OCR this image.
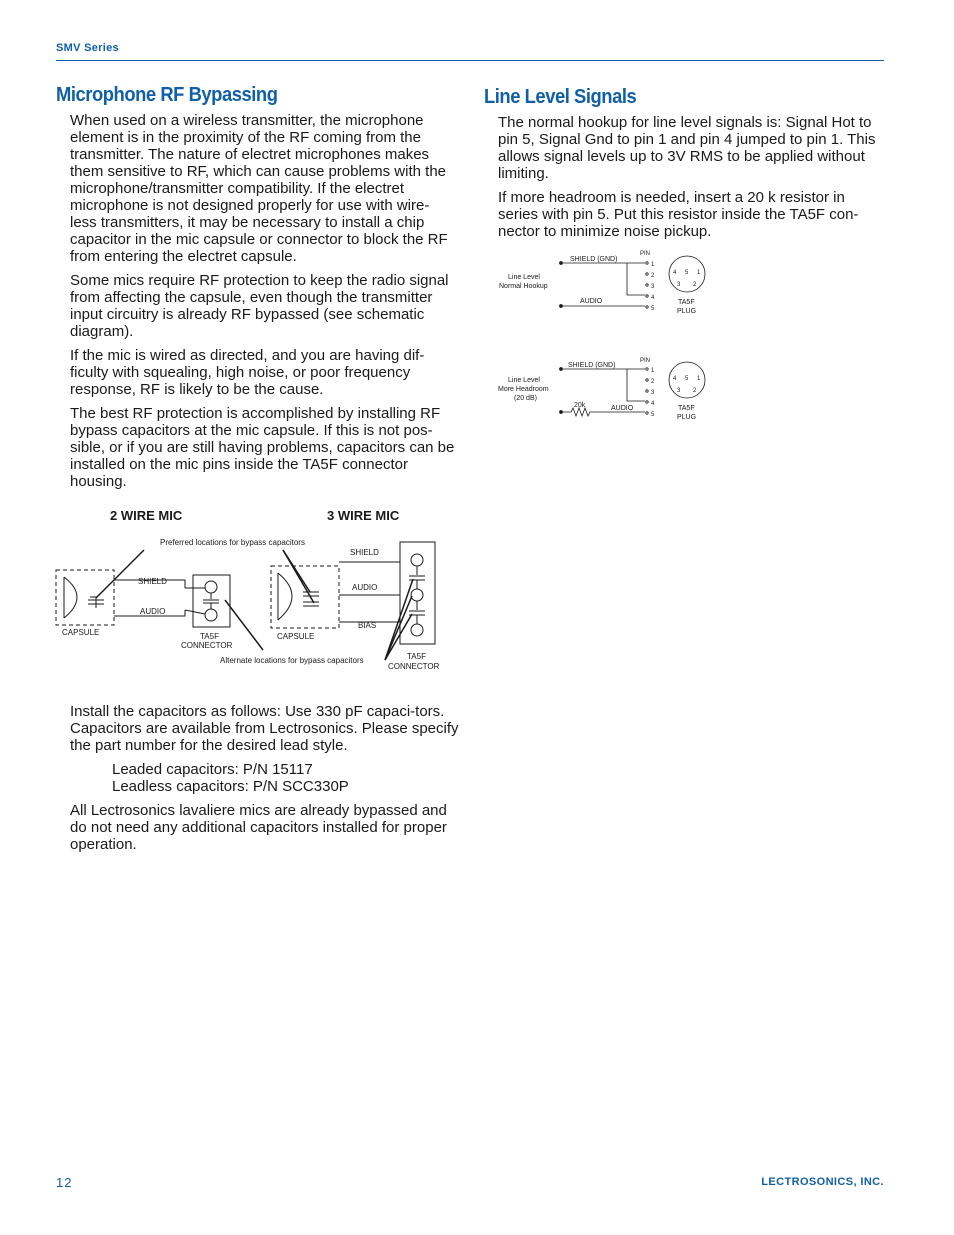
SMV Series
Microphone RF Bypassing

When used on a wireless transmitter, the microphone element is in the proximity of the RF coming from the transmitter. The nature of electret microphones makes them sensitive to RF, which can cause problems with the microphone/transmitter compatibility. If the electret microphone is not designed properly for use with wire-less transmitters, it may be necessary to install a chip capacitor in the mic capsule or connector to block the RF from entering the electret capsule.

Some mics require RF protection to keep the radio signal from affecting the capsule, even though the transmitter input circuitry is already RF bypassed (see schematic diagram).

If the mic is wired as directed, and you are having dif-ficulty with squealing, high noise, or poor frequency response, RF is likely to be the cause.

The best RF protection is accomplished by installing RF bypass capacitors at the mic capsule. If this is not pos-sible, or if you are still having problems, capacitors can be installed on the mic pins inside the TA5F connector housing.

2 WIRE MIC	3 WIRE MIC
Preferred locations for bypass capacitors
SHIELD
AUDIO
CAPSULE	TA5F
CONNECTOR
SHIELD
AUDIO
BIAS
CAPSULE
TA5F
CONNECTOR
Alternate locations for bypass capacitors

Install the capacitors as follows: Use 330 pF capaci-tors. Capacitors are available from Lectrosonics. Please specify the part number for the desired lead style.

Leaded capacitors: P/N 15117
Leadless capacitors: P/N SCC330P

All Lectrosonics lavaliere mics are already bypassed and do not need any additional capacitors installed for proper operation.

Line Level Signals

The normal hookup for line level signals is: Signal Hot to pin 5, Signal Gnd to pin 1 and pin 4 jumped to pin 1. This allows signal levels up to 3V RMS to be applied without limiting.

If more headroom is needed, insert a 20 k resistor in series with pin 5. Put this resistor inside the TA5F con-nector to minimize noise pickup.

Line Level
Normal Hookup
SHIELD (GND)
AUDIO
PIN
1
2
3
4
5
4 5 1
3 2
TA5F
PLUG
Line Level
More Headroom
(20 dB)
SHIELD (GND)
AUDIO
20k
PIN
1
2
3
4
5
4 5 1
3 2
TA5F
PLUG
12	LECTROSONICS, INC.
